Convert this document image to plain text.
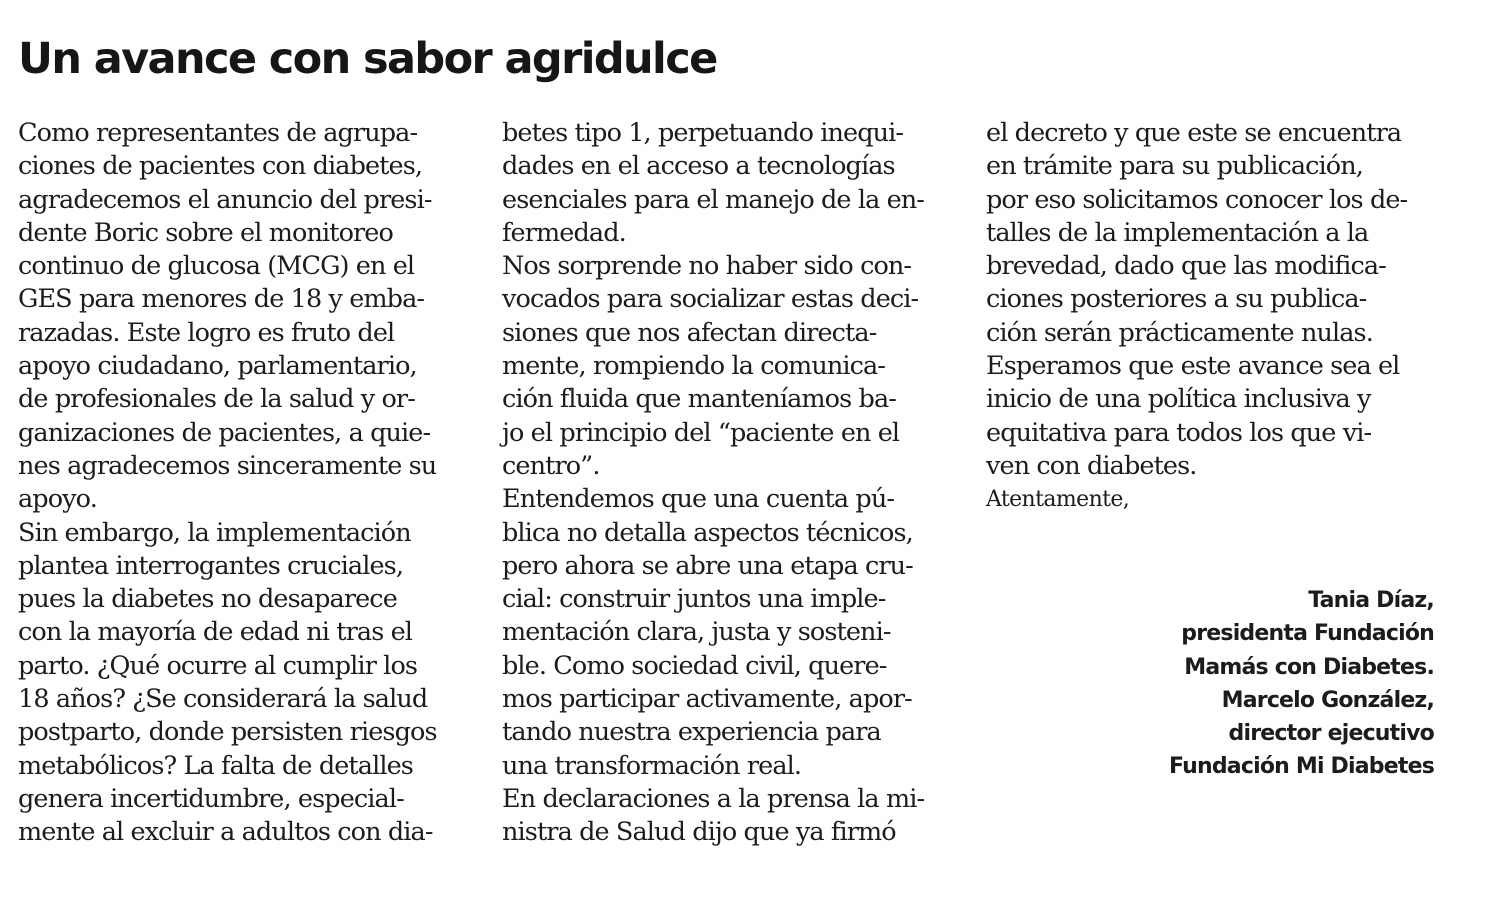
Un avance con sabor agridulce
Como representantes de agrupa-
ciones de pacientes con diabetes,
agradecemos el anuncio del presi-
dente Boric sobre el monitoreo
continuo de glucosa (MCG) en el
GES para menores de 18 y emba-
razadas. Este logro es fruto del
apoyo ciudadano, parlamentario,
de profesionales de la salud y or-
ganizaciones de pacientes, a quie-
nes agradecemos sinceramente su
apoyo.
Sin embargo, la implementación
plantea interrogantes cruciales,
pues la diabetes no desaparece
con la mayoría de edad ni tras el
parto. ¿Qué ocurre al cumplir los
18 años? ¿Se considerará la salud
postparto, donde persisten riesgos
metabólicos? La falta de detalles
genera incertidumbre, especial-
mente al excluir a adultos con dia-
betes tipo 1, perpetuando inequi-
dades en el acceso a tecnologías
esenciales para el manejo de la en-
fermedad.
Nos sorprende no haber sido con-
vocados para socializar estas deci-
siones que nos afectan directa-
mente, rompiendo la comunica-
ción fluida que manteníamos ba-
jo el principio del “paciente en el
centro”.
Entendemos que una cuenta pú-
blica no detalla aspectos técnicos,
pero ahora se abre una etapa cru-
cial: construir juntos una imple-
mentación clara, justa y sosteni-
ble. Como sociedad civil, quere-
mos participar activamente, apor-
tando nuestra experiencia para
una transformación real.
En declaraciones a la prensa la mi-
nistra de Salud dijo que ya firmó
el decreto y que este se encuentra
en trámite para su publicación,
por eso solicitamos conocer los de-
talles de la implementación a la
brevedad, dado que las modifica-
ciones posteriores a su publica-
ción serán prácticamente nulas.
Esperamos que este avance sea el
inicio de una política inclusiva y
equitativa para todos los que vi-
ven con diabetes.
Atentamente,
Tania Díaz,
presidenta Fundación
Mamás con Diabetes.
Marcelo González,
director ejecutivo
Fundación Mi Diabetes
